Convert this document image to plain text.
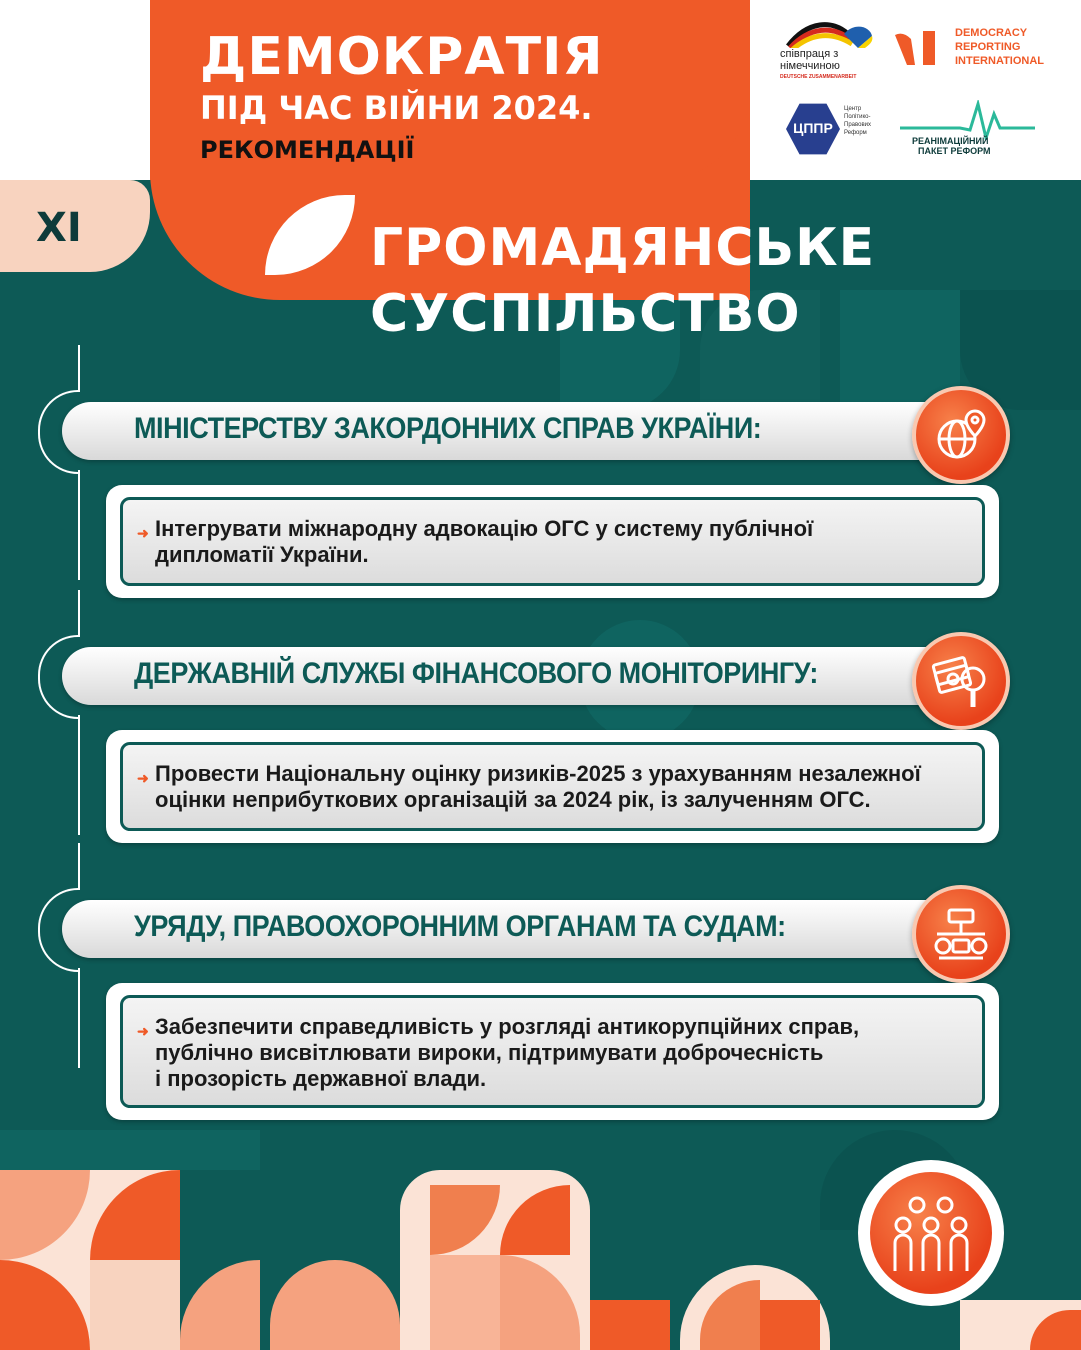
ДЕМОКРАТІЯ
ПІД ЧАС ВІЙНИ 2024.
РЕКОМЕНДАЦІЇ
співпраця з німеччиною
DEUTSCHE ZUSAMMENARBEIT
DEMOCRACY
REPORTING
INTERNATIONAL
ЦППР
Центр
Політико-
Правових
Реформ
РЕАНІМАЦІЙНИЙ
ПАКЕТ РЕФОРМ
XI	ГРОМАДЯНСЬКЕ
СУСПІЛЬСТВО
МІНІСТЕРСТВУ ЗАКОРДОННИХ СПРАВ УКРАЇНИ:
➜ Інтегрувати міжнародну адвокацію ОГС у систему публічної
дипломатії України.
ДЕРЖАВНІЙ СЛУЖБІ ФІНАНСОВОГО МОНІТОРИНГУ:
➜ Провести Національну оцінку ризиків-2025 з урахуванням незалежної
оцінки неприбуткових організацій за 2024 рік, із залученням ОГС.
УРЯДУ, ПРАВООХОРОННИМ ОРГАНАМ ТА СУДАМ:
➜ Забезпечити справедливість у розгляді антикорупційних справ,
публічно висвітлювати вироки, підтримувати доброчесність
і прозорість державної влади.
